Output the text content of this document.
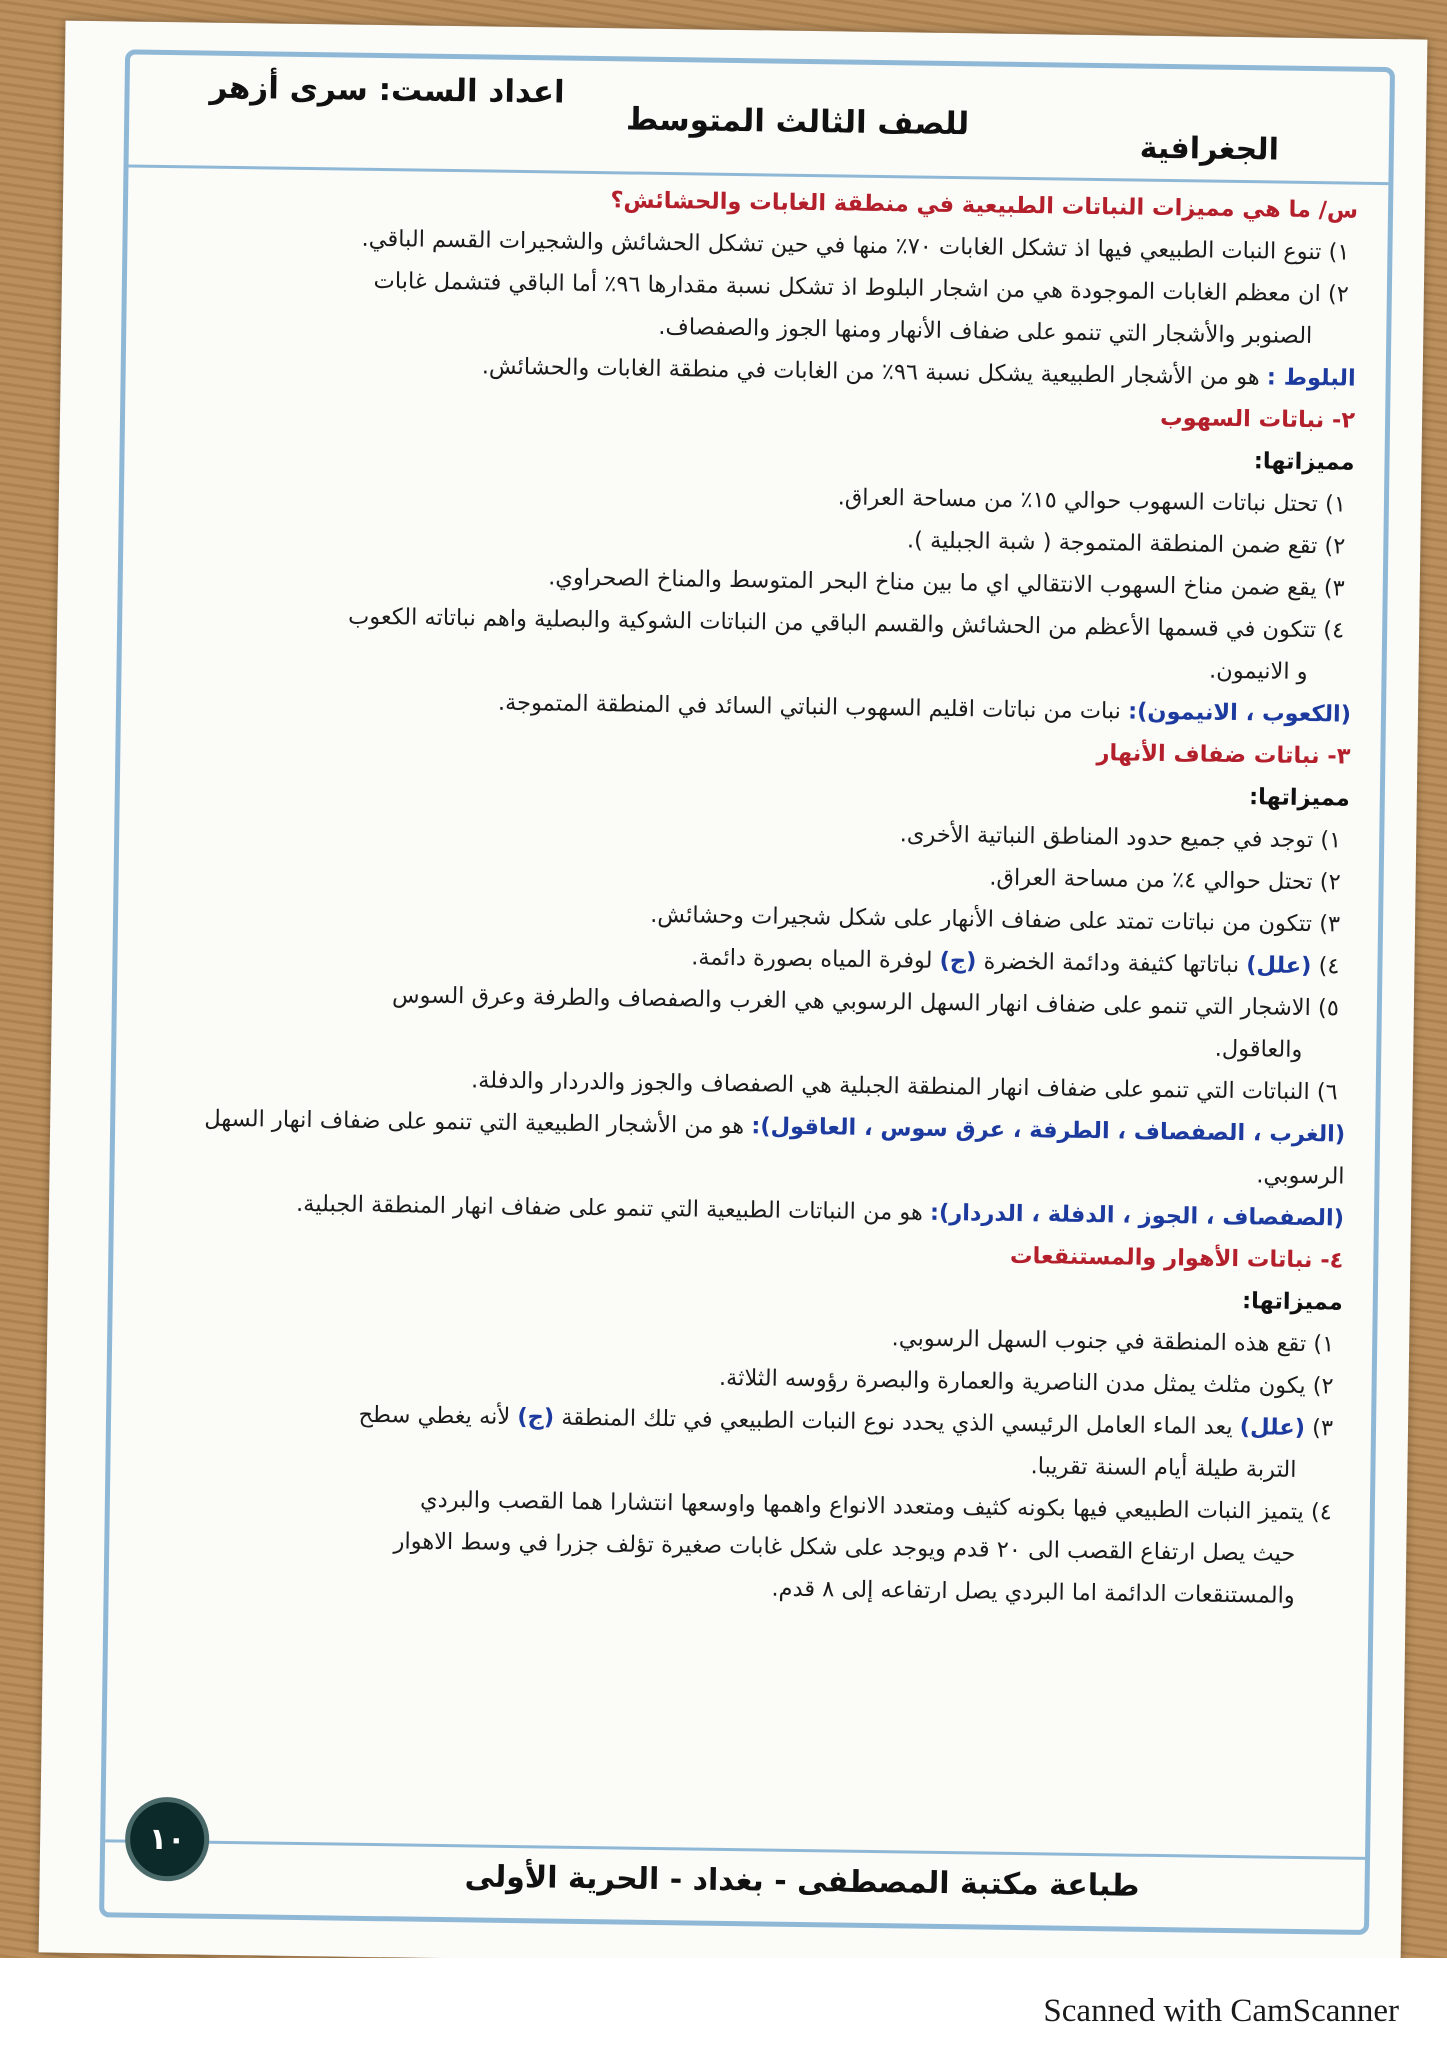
الجغرافية
للصف الثالث المتوسط
اعداد الست: سرى أزهر

س/ ما هي مميزات النباتات الطبيعية في منطقة الغابات والحشائش؟

١) تنوع النبات الطبيعي فيها اذ تشكل الغابات ٧٠٪ منها في حين تشكل الحشائش والشجيرات القسم الباقي.

٢) ان معظم الغابات الموجودة هي من اشجار البلوط اذ تشكل نسبة مقدارها ٩٦٪ أما الباقي فتشمل غابات

الصنوبر والأشجار التي تنمو على ضفاف الأنهار ومنها الجوز والصفصاف.

البلوط : هو من الأشجار الطبيعية يشكل نسبة ٩٦٪ من الغابات في منطقة الغابات والحشائش.

٢- نباتات السهوب

مميزاتها:

١) تحتل نباتات السهوب حوالي ١٥٪ من مساحة العراق.

٢) تقع ضمن المنطقة المتموجة ( شبة الجبلية ).

٣) يقع ضمن مناخ السهوب الانتقالي اي ما بين مناخ البحر المتوسط والمناخ الصحراوي.

٤) تتكون في قسمها الأعظم من الحشائش والقسم الباقي من النباتات الشوكية والبصلية واهم نباتاته الكعوب

و الانيمون.

(الكعوب ، الانيمون): نبات من نباتات اقليم السهوب النباتي السائد في المنطقة المتموجة.

٣- نباتات ضفاف الأنهار

مميزاتها:

١) توجد في جميع حدود المناطق النباتية الأخرى.

٢) تحتل حوالي ٤٪ من مساحة العراق.

٣) تتكون من نباتات تمتد على ضفاف الأنهار على شكل شجيرات وحشائش.

٤) (علل) نباتاتها كثيفة ودائمة الخضرة (ج) لوفرة المياه بصورة دائمة.

٥) الاشجار التي تنمو على ضفاف انهار السهل الرسوبي هي الغرب والصفصاف والطرفة وعرق السوس

والعاقول.

٦) النباتات التي تنمو على ضفاف انهار المنطقة الجبلية هي الصفصاف والجوز والدردار والدفلة.

(الغرب ، الصفصاف ، الطرفة ، عرق سوس ، العاقول): هو من الأشجار الطبيعية التي تنمو على ضفاف انهار السهل الرسوبي.

(الصفصاف ، الجوز ، الدفلة ، الدردار): هو من النباتات الطبيعية التي تنمو على ضفاف انهار المنطقة الجبلية.

٤- نباتات الأهوار والمستنقعات

مميزاتها:

١) تقع هذه المنطقة في جنوب السهل الرسوبي.

٢) يكون مثلث يمثل مدن الناصرية والعمارة والبصرة رؤوسه الثلاثة.

٣) (علل) يعد الماء العامل الرئيسي الذي يحدد نوع النبات الطبيعي في تلك المنطقة (ج) لأنه يغطي سطح

التربة طيلة أيام السنة تقريبا.

٤) يتميز النبات الطبيعي فيها بكونه كثيف ومتعدد الانواع واهمها واوسعها انتشارا هما القصب والبردي

حيث يصل ارتفاع القصب الى ٢٠ قدم ويوجد على شكل غابات صغيرة تؤلف جزرا في وسط الاهوار

والمستنقعات الدائمة اما البردي يصل ارتفاعه إلى ٨ قدم.

١٠
طباعة مكتبة المصطفى - بغداد - الحرية الأولى
Scanned with CamScanner
